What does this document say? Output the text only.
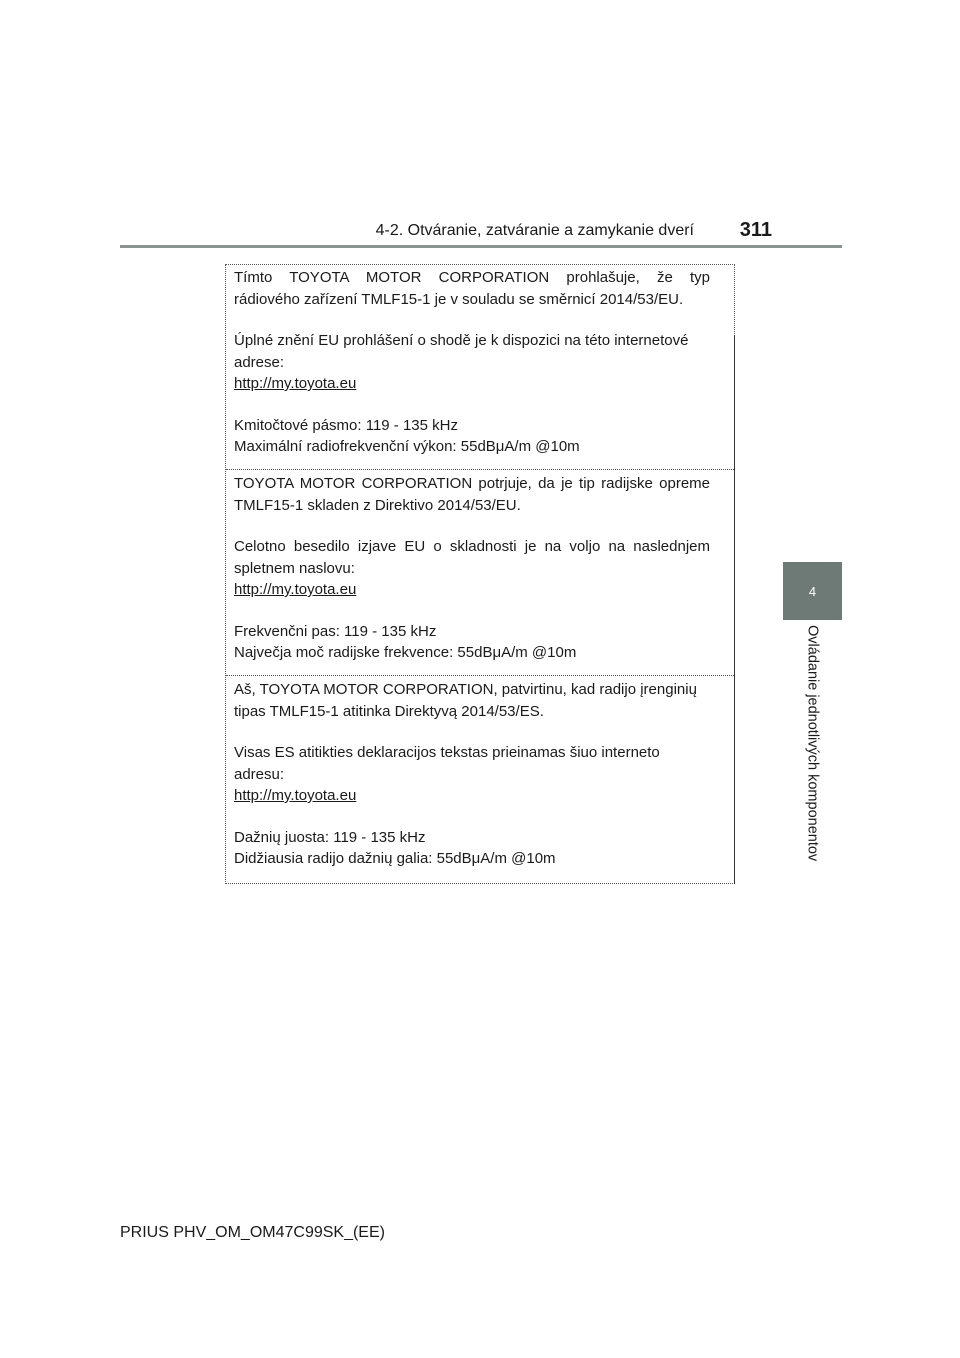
4-2. Otváranie, zatváranie a zamykanie dverí 311
4
Ovládanie jednotlivých komponentov

Tímto TOYOTA MOTOR CORPORATION prohlašuje, že typ

rádiového zařízení TMLF15-1 je v souladu se směrnicí 2014/53/EU.

Úplné znění EU prohlášení o shodě je k dispozici na této internetové

adrese:

http://my.toyota.eu

Kmitočtové pásmo: 119 - 135 kHz

Maximální radiofrekvenční výkon: 55dBμA/m @10m

TOYOTA MOTOR CORPORATION potrjuje, da je tip radijske opreme

TMLF15-1 skladen z Direktivo 2014/53/EU.

Celotno besedilo izjave EU o skladnosti je na voljo na naslednjem

spletnem naslovu:

http://my.toyota.eu

Frekvenčni pas: 119 - 135 kHz

Največja moč radijske frekvence: 55dBμA/m @10m

Aš, TOYOTA MOTOR CORPORATION, patvirtinu, kad radijo įrenginių

tipas TMLF15-1 atitinka Direktyvą 2014/53/ES.

Visas ES atitikties deklaracijos tekstas prieinamas šiuo interneto

adresu:

http://my.toyota.eu

Dažnių juosta: 119 - 135 kHz

Didžiausia radijo dažnių galia: 55dBμA/m @10m

PRIUS PHV_OM_OM47C99SK_(EE)
